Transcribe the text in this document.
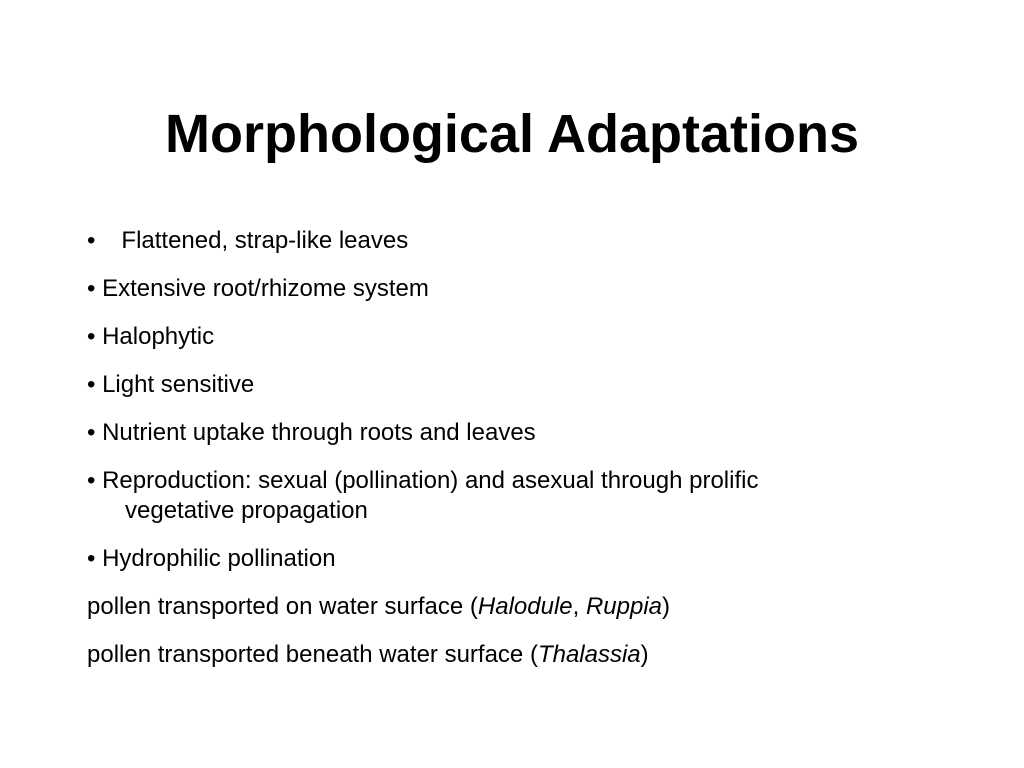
Morphological Adaptations
• Flattened, strap-like leaves
• Extensive root/rhizome system
• Halophytic
• Light sensitive
• Nutrient uptake through roots and leaves
• Reproduction: sexual (pollination) and asexual through prolific
vegetative propagation
• Hydrophilic pollination
pollen transported on water surface (Halodule, Ruppia)
pollen transported beneath water surface (Thalassia)
